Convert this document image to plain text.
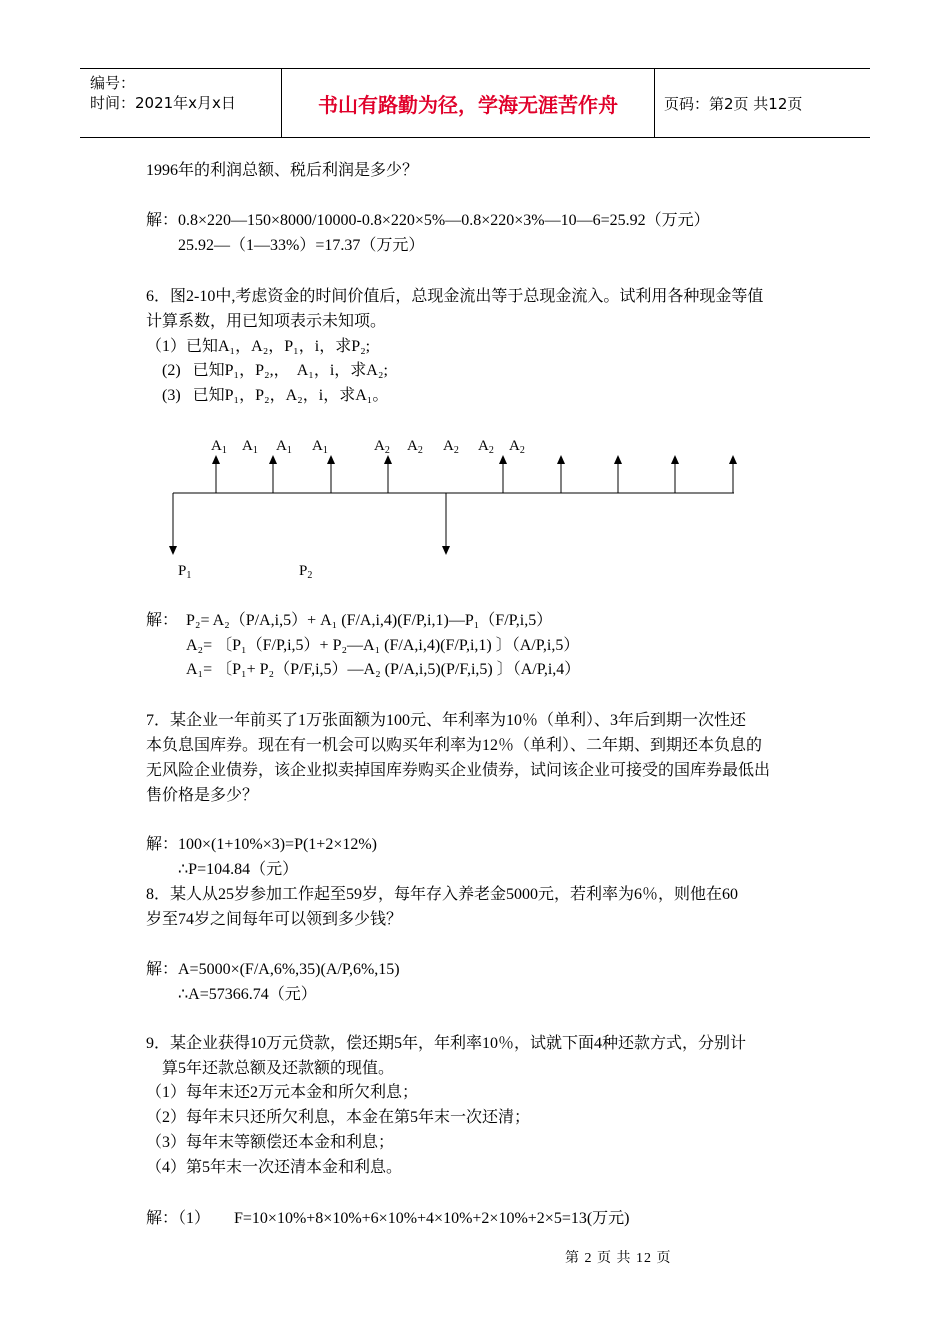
编号：
时间：2021年x月x日	书山有路勤为径，学海无涯苦作舟	页码：第2页 共12页
1996年的利润总额、税后利润是多少？
解：0.8×220—150×8000/10000-0.8×220×5%—0.8×220×3%—10—6=25.92（万元）
25.92—（1—33%）=17.37（万元）
6．图2-10中,考虑资金的时间价值后，总现金流出等于总现金流入。试利用各种现金等值
计算系数，用已知项表示未知项。
（1）已知A₁，A₂，P₁，i，求P₂;
(2)   已知P₁，P₂,，  A₁，i，求A₂;
(3)   已知P₁，P₂，A₂，i，求A₁。
$A_1$ $A_1$ $A_1$ $A_1$	$A_2$ $A_2$ $A_2$ $A_2$ $A_2$
$P_1$	$P_2$
解：  P₂= A₂（P/A,i,5）+ A₁ (F/A,i,4)(F/P,i,1)—P₁（F/P,i,5）
A₂= 〔P₁（F/P,i,5）+ P₂—A₁ (F/A,i,4)(F/P,i,1) 〕（A/P,i,5）
A₁= 〔P₁+ P₂（P/F,i,5）—A₂ (P/A,i,5)(P/F,i,5) 〕（A/P,i,4）
7．某企业一年前买了1万张面额为100元、年利率为10％（单利）、3年后到期一次性还
本负息国库券。现在有一机会可以购买年利率为12％（单利）、二年期、到期还本负息的
无风险企业债券，该企业拟卖掉国库券购买企业债券，试问该企业可接受的国库券最低出
售价格是多少？
解：100×(1+10%×3)=P(1+2×12%)
∴P=104.84（元）
8．某人从25岁参加工作起至59岁，每年存入养老金5000元，若利率为6％，则他在60
岁至74岁之间每年可以领到多少钱？
解：A=5000×(F/A,6%,35)(A/P,6%,15)
∴A=57366.74（元）
9．某企业获得10万元贷款，偿还期5年，年利率10％，试就下面4种还款方式，分别计
算5年还款总额及还款额的现值。
（1）每年末还2万元本金和所欠利息；
（2）每年末只还所欠利息，本金在第5年末一次还清；
（3）每年末等额偿还本金和利息；
（4）第5年末一次还清本金和利息。
解：（1）      F=10×10%+8×10%+6×10%+4×10%+2×10%+2×5=13(万元)
第 2 页 共 12 页
